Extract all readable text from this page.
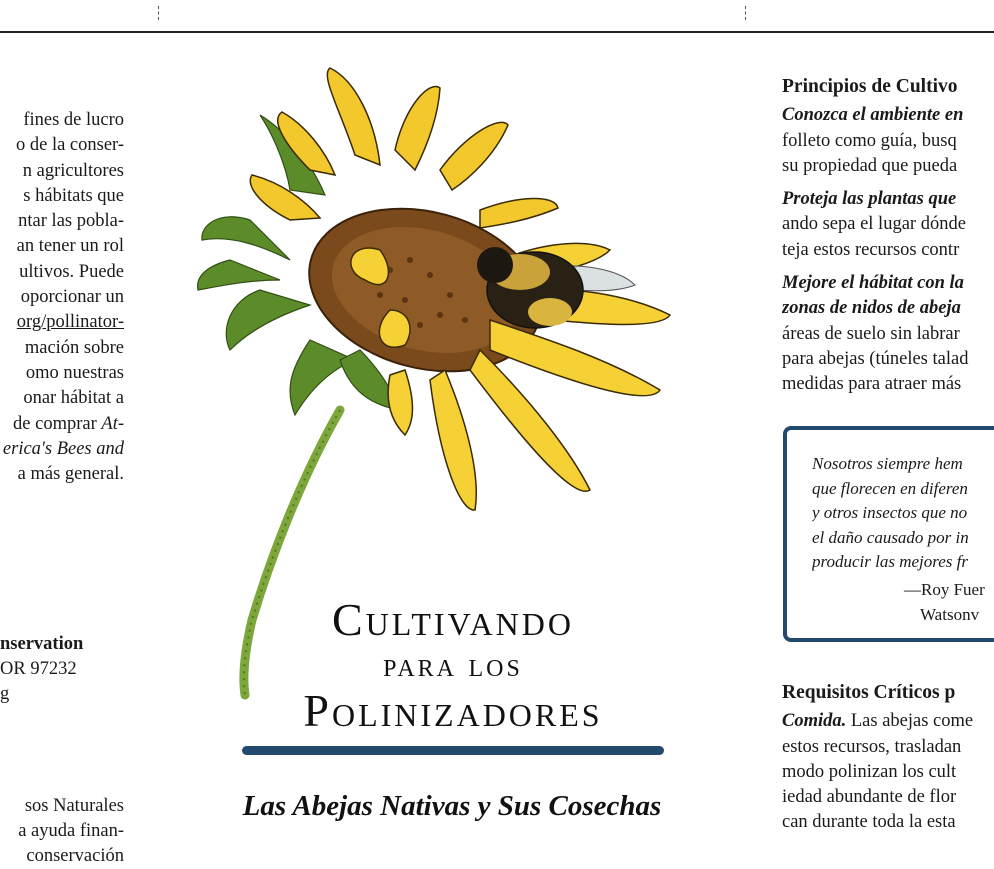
fines de lucro
o de la conser-
n agricultores
s hábitats que
ntar las pobla-
an tener un rol
ultivos. Puede
oporcionar un
org/pollinator-
mación sobre
omo nuestras
onar hábitat a
de comprar At-
erica's Bees and
a más general.
nservation
OR 97232
g
sos Naturales
a ayuda finan-
conservación
Cultivando
para los
Polinizadores
Las Abejas Nativas y Sus Cosechas
Principios de Cultivo

Conozca el ambiente en
folleto como guía, busq
su propiedad que pueda

Proteja las plantas que
ando sepa el lugar dónde
teja estos recursos contr

Mejore el hábitat con la
zonas de nidos de abeja
áreas de suelo sin labrar
para abejas (túneles talad
medidas para atraer más

Nosotros siempre hem
que florecen en diferen
y otros insectos que no
el daño causado por in
producir las mejores fr
—Roy Fuer
Watsonv
Requisitos Críticos p
Comida. Las abejas come
estos recursos, trasladan
modo polinizan los cult
iedad abundante de flor
can durante toda la esta
